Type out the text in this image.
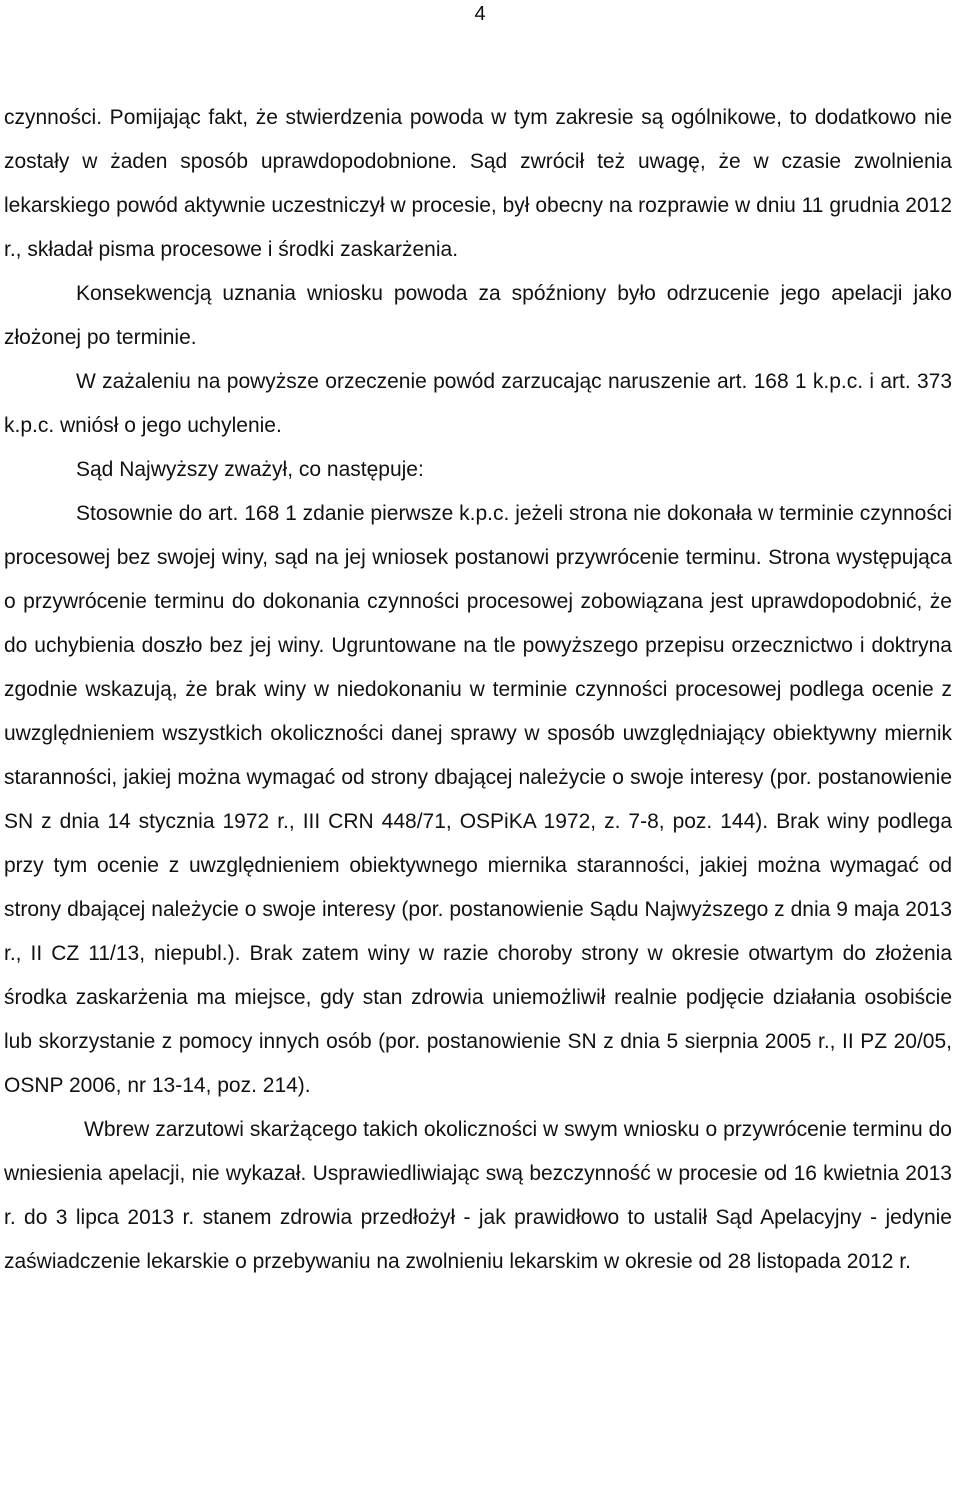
4

czynności. Pomijając fakt, że stwierdzenia powoda w tym zakresie są ogólnikowe, to dodatkowo nie zostały w żaden sposób uprawdopodobnione. Sąd zwrócił też uwagę, że w czasie zwolnienia lekarskiego powód aktywnie uczestniczył w procesie, był obecny na rozprawie w dniu 11 grudnia 2012 r., składał pisma procesowe i środki zaskarżenia.

Konsekwencją uznania wniosku powoda za spóźniony było odrzucenie jego apelacji jako złożonej po terminie.

W zażaleniu na powyższe orzeczenie powód zarzucając naruszenie art. 168 1 k.p.c. i art. 373 k.p.c. wniósł o jego uchylenie.

Sąd Najwyższy zważył, co następuje:

Stosownie do art. 168 1 zdanie pierwsze k.p.c. jeżeli strona nie dokonała w terminie czynności procesowej bez swojej winy, sąd na jej wniosek postanowi przywrócenie terminu. Strona występująca o przywrócenie terminu do dokonania czynności procesowej zobowiązana jest uprawdopodobnić, że do uchybienia doszło bez jej winy. Ugruntowane na tle powyższego przepisu orzecznictwo i doktryna zgodnie wskazują, że brak winy w niedokonaniu w terminie czynności procesowej podlega ocenie z uwzględnieniem wszystkich okoliczności danej sprawy w sposób uwzględniający obiektywny miernik staranności, jakiej można wymagać od strony dbającej należycie o swoje interesy (por. postanowienie SN z dnia 14 stycznia 1972 r., III CRN 448/71, OSPiKA 1972, z. 7-8, poz. 144). Brak winy podlega przy tym ocenie z uwzględnieniem obiektywnego miernika staranności, jakiej można wymagać od strony dbającej należycie o swoje interesy (por. postanowienie Sądu Najwyższego z dnia 9 maja 2013 r., II CZ 11/13, niepubl.). Brak zatem winy w razie choroby strony w okresie otwartym do złożenia środka zaskarżenia ma miejsce, gdy stan zdrowia uniemożliwił realnie podjęcie działania osobiście lub skorzystanie z pomocy innych osób (por. postanowienie SN z dnia 5 sierpnia 2005 r., II PZ 20/05, OSNP 2006, nr 13-14, poz. 214).

Wbrew zarzutowi skarżącego takich okoliczności w swym wniosku o przywrócenie terminu do wniesienia apelacji, nie wykazał. Usprawiedliwiając swą bezczynność w procesie od 16 kwietnia 2013 r. do 3 lipca 2013 r. stanem zdrowia przedłożył - jak prawidłowo to ustalił Sąd Apelacyjny - jedynie zaświadczenie lekarskie o przebywaniu na zwolnieniu lekarskim w okresie od 28 listopada 2012 r.
